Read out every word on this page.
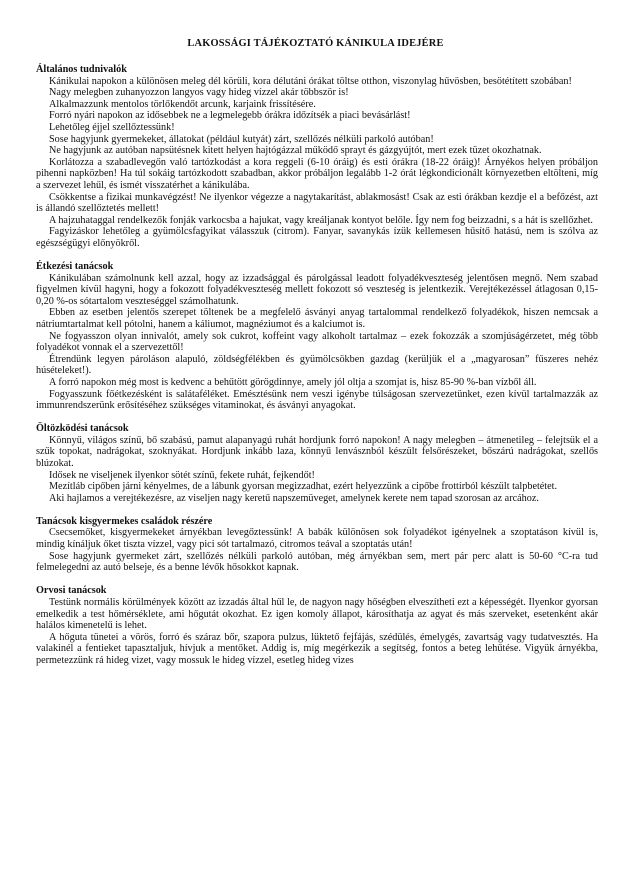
LAKOSSÁGI TÁJÉKOZTATÓ KÁNIKULA IDEJÉRE

Általános tudnivalók

Kánikulai napokon a különösen meleg dél körüli, kora délutáni órákat töltse otthon, viszonylag hűvösben, besötétített szobában!

Nagy melegben zuhanyozzon langyos vagy hideg vízzel akár többször is!

Alkalmazzunk mentolos törlőkendőt arcunk, karjaink frissítésére.

Forró nyári napokon az idősebbek ne a legmelegebb órákra időzítsék a piaci bevásárlást!

Lehetőleg éjjel szellőztessünk!

Sose hagyjunk gyermekeket, állatokat (például kutyát) zárt, szellőzés nélküli parkoló autóban!

Ne hagyjunk az autóban napsütésnek kitett helyen hajtógázzal működő sprayt és gázgyújtót, mert ezek tüzet okozhatnak.

Korlátozza a szabadlevegőn való tartózkodást a kora reggeli (6-10 óráig) és esti órákra (18-22 óráig)! Árnyékos helyen próbáljon pihenni napközben! Ha túl sokáig tartózkodott szabadban, akkor próbáljon legalább 1-2 órát légkondicionált környezetben eltölteni, míg a szervezet lehűl, és ismét visszatérhet a kánikulába.

Csökkentse a fizikai munkavégzést! Ne ilyenkor végezze a nagytakarítást, ablakmosást! Csak az esti órákban kezdje el a befőzést, azt is állandó szellőztetés mellett!

A hajzuhataggal rendelkezők fonják varkocsba a hajukat, vagy kreáljanak kontyot belőle. Így nem fog beizzadni, s a hát is szellőzhet.

Fagyizáskor lehetőleg a gyümölcsfagyikat válasszuk (citrom). Fanyar, savanykás ízük kellemesen hűsítő hatású, nem is szólva az egészségügyi előnyökről.

Étkezési tanácsok

Kánikulában számolnunk kell azzal, hogy az izzadsággal és párolgással leadott folyadékveszteség jelentősen megnő. Nem szabad figyelmen kívül hagyni, hogy a fokozott folyadékveszteség mellett fokozott só veszteség is jelentkezik. Verejtékezéssel átlagosan 0,15-0,20 %-os sótartalom veszteséggel számolhatunk.

Ebben az esetben jelentős szerepet töltenek be a megfelelő ásványi anyag tartalommal rendelkező folyadékok, hiszen nemcsak a nátriumtartalmat kell pótolni, hanem a káliumot, magnéziumot és a kalciumot is.

Ne fogyasszon olyan innivalót, amely sok cukrot, koffeint vagy alkoholt tartalmaz – ezek fokozzák a szomjúságérzetet, még több folyadékot vonnak el a szervezettől!

Étrendünk legyen pároláson alapuló, zöldségfélékben és gyümölcsökben gazdag (kerüljük el a „magyarosan” fűszeres nehéz húsételeket!).

A forró napokon még most is kedvenc a behűtött görögdinnye, amely jól oltja a szomjat is, hisz 85-90 %-ban vízből áll.

Fogyasszunk főétkezésként is salátaféléket. Emésztésünk nem veszi igénybe túlságosan szervezetünket, ezen kívül tartalmazzák az immunrendszerünk erősítéséhez szükséges vitaminokat, és ásványi anyagokat.

Öltözködési tanácsok

Könnyű, világos színű, bő szabású, pamut alapanyagú ruhát hordjunk forró napokon! A nagy melegben – átmenetileg – felejtsük el a szűk topokat, nadrágokat, szoknyákat. Hordjunk inkább laza, könnyű lenvásznból készült felsőrészeket, bőszárú nadrágokat, szellős blúzokat.

Idősek ne viseljenek ilyenkor sötét színű, fekete ruhát, fejkendőt!

Mezítláb cipőben járni kényelmes, de a lábunk gyorsan megizzadhat, ezért helyezzünk a cipőbe frottírból készült talpbetétet.

Aki hajlamos a verejtékezésre, az viseljen nagy keretű napszemüveget, amelynek kerete nem tapad szorosan az arcához.

Tanácsok kisgyermekes családok részére

Csecsemőket, kisgyermekeket árnyékban levegőztessünk! A babák különösen sok folyadékot igényelnek a szoptatáson kívül is, mindig kínáljuk őket tiszta vízzel, vagy pici sót tartalmazó, citromos teával a szoptatás után!

Sose hagyjunk gyermeket zárt, szellőzés nélküli parkoló autóban, még árnyékban sem, mert pár perc alatt is 50-60 °C-ra tud felmelegedni az autó belseje, és a benne lévők hősokkot kapnak.

Orvosi tanácsok

Testünk normális körülmények között az izzadás által hűl le, de nagyon nagy hőségben elveszítheti ezt a képességét. Ilyenkor gyorsan emelkedik a test hőmérséklete, ami hőgutát okozhat. Ez igen komoly állapot, károsíthatja az agyat és más szerveket, esetenként akár halálos kimenetelű is lehet.

A hőguta tünetei a vörös, forró és száraz bőr, szapora pulzus, lüktető fejfájás, szédülés, émelygés, zavartság vagy tudatvesztés. Ha valakinél a fentieket tapasztaljuk, hívjuk a mentőket. Addig is, míg megérkezik a segítség, fontos a beteg lehűtése. Vigyük árnyékba, permetezzünk rá hideg vizet, vagy mossuk le hideg vízzel, esetleg hideg vizes
